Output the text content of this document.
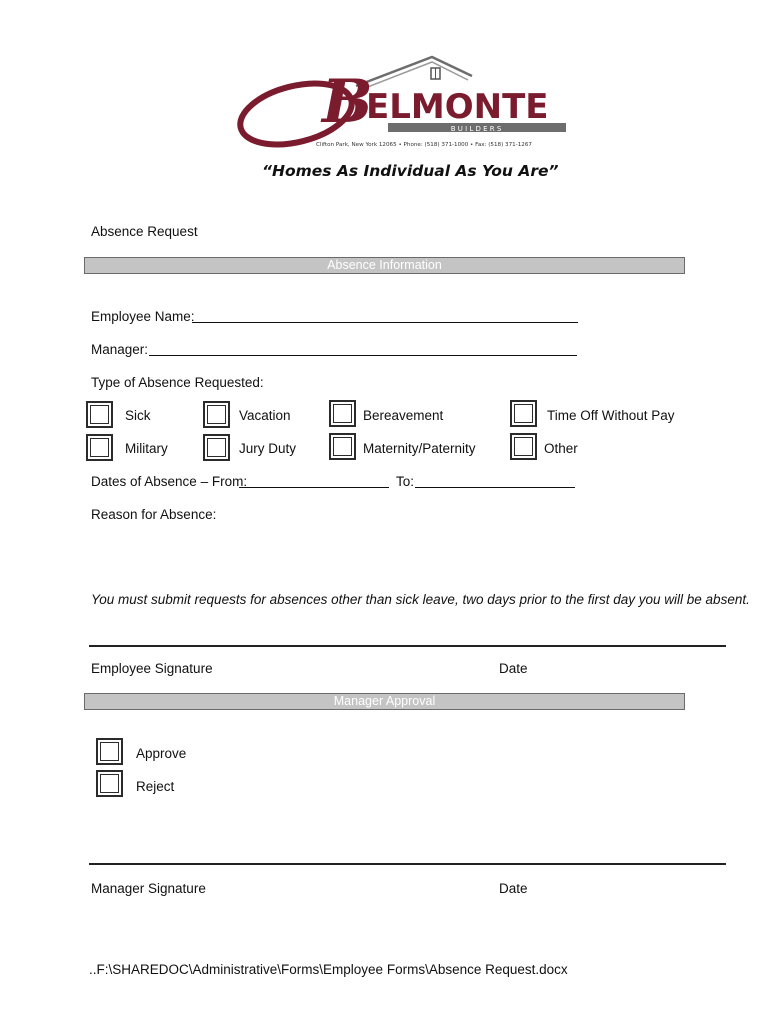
B U I L D E R S
Clifton Park, New York 12065 • Phone: (518) 371-1000 • Fax: (518) 371-1267
B
ELMONTE
“Homes As Individual As You Are”
Absence Request
Absence Information
Employee Name:
Manager:
Type of Absence Requested:
Sick	Vacation	Bereavement	Time Off Without Pay
Military	Jury Duty	Maternity/Paternity	Other
Dates of Absence – From:	To:
Reason for Absence:
You must submit requests for absences other than sick leave, two days prior to the first day you will be absent.
Employee Signature	Date
Manager Approval
Approve
Reject
Manager Signature	Date
..F:\SHAREDOC\Administrative\Forms\Employee Forms\Absence Request.docx
